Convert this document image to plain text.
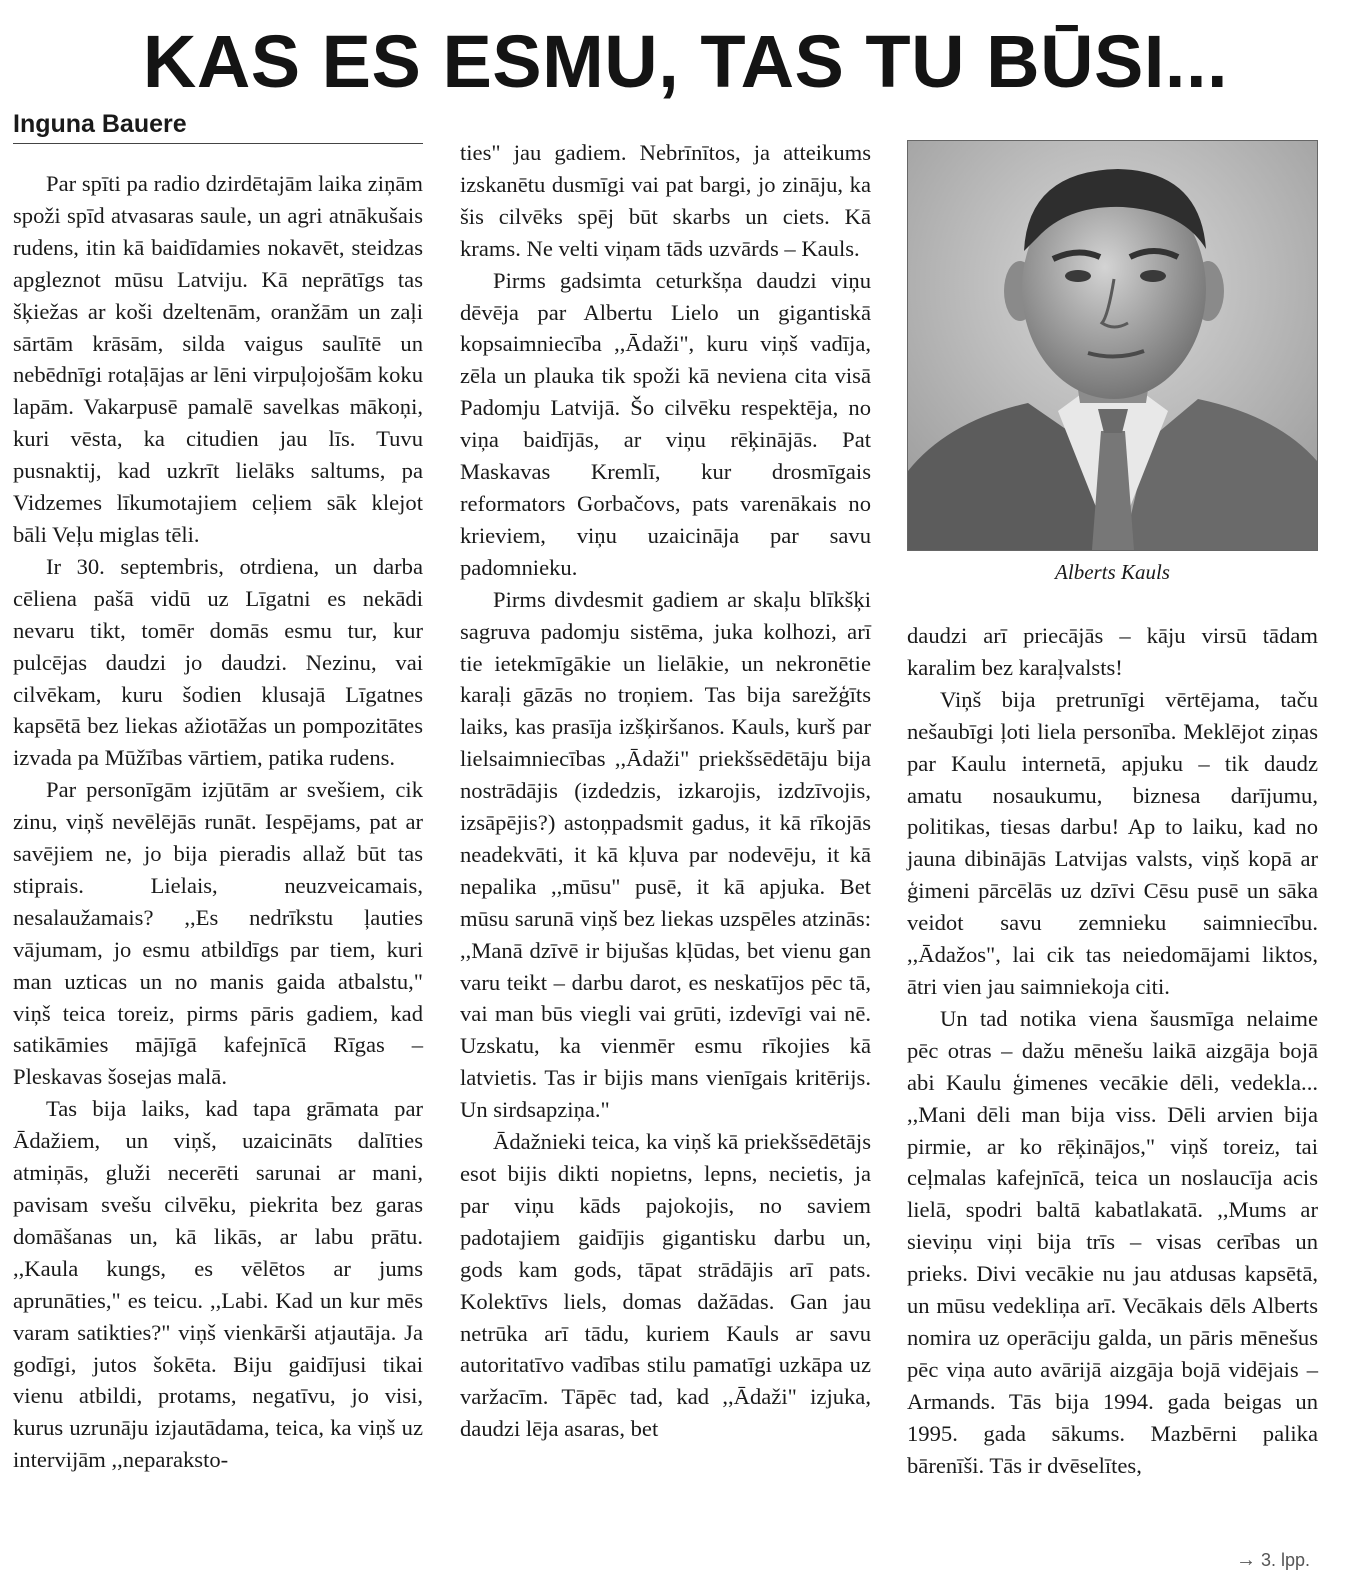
KAS ES ESMU, TAS TU BŪSI...
Inguna Bauere

Par spīti pa radio dzirdētajām laika ziņām spoži spīd atvasaras saule, un agri atnākušais rudens, itin kā baidīdamies nokavēt, steidzas apgleznot mūsu Latviju. Kā neprātīgs tas šķiežas ar koši dzeltenām, oranžām un zaļi sārtām krāsām, silda vaigus saulītē un nebēdnīgi rotaļājas ar lēni virpuļojošām koku lapām. Vakarpusē pamalē savelkas mākoņi, kuri vēsta, ka citudien jau līs. Tuvu pusnaktij, kad uzkrīt lielāks saltums, pa Vidzemes līkumotajiem ceļiem sāk klejot bāli Veļu miglas tēli.

Ir 30. septembris, otrdiena, un darba cēliena pašā vidū uz Līgatni es nekādi nevaru tikt, tomēr domās esmu tur, kur pulcējas daudzi jo daudzi. Nezinu, vai cilvēkam, kuru šodien klusajā Līgatnes kapsētā bez liekas ažiotāžas un pompozitātes izvada pa Mūžības vārtiem, patika rudens.

Par personīgām izjūtām ar svešiem, cik zinu, viņš nevēlējās runāt. Iespējams, pat ar savējiem ne, jo bija pieradis allaž būt tas stiprais. Lielais, neuzveicamais, nesalaužamais? ,,Es nedrīkstu ļauties vājumam, jo esmu atbildīgs par tiem, kuri man uzticas un no manis gaida atbalstu," viņš teica toreiz, pirms pāris gadiem, kad satikāmies mājīgā kafejnīcā Rīgas – Pleskavas šosejas malā.

Tas bija laiks, kad tapa grāmata par Ādažiem, un viņš, uzaicināts dalīties atmiņās, gluži necerēti sarunai ar mani, pavisam svešu cilvēku, piekrita bez garas domāšanas un, kā likās, ar labu prātu. ,,Kaula kungs, es vēlētos ar jums aprunāties," es teicu. ,,Labi. Kad un kur mēs varam satikties?" viņš vienkārši atjautāja. Ja godīgi, jutos šokēta. Biju gaidījusi tikai vienu atbildi, protams, negatīvu, jo visi, kurus uzrunāju izjautādama, teica, ka viņš uz intervijām ,,neparaksto-

ties" jau gadiem. Nebrīnītos, ja atteikums izskanētu dusmīgi vai pat bargi, jo zināju, ka šis cilvēks spēj būt skarbs un ciets. Kā krams. Ne velti viņam tāds uzvārds – Kauls.

Pirms gadsimta ceturkšņa daudzi viņu dēvēja par Albertu Lielo un gigantiskā kopsaimniecība ,,Ādaži", kuru viņš vadīja, zēla un plauka tik spoži kā neviena cita visā Padomju Latvijā. Šo cilvēku respektēja, no viņa baidījās, ar viņu rēķinājās. Pat Maskavas Kremlī, kur drosmīgais reformators Gorbačovs, pats varenākais no krieviem, viņu uzaicināja par savu padomnieku.

Pirms divdesmit gadiem ar skaļu blīkšķi sagruva padomju sistēma, juka kolhozi, arī tie ietekmīgākie un lielākie, un nekronētie karaļi gāzās no troņiem. Tas bija sarežģīts laiks, kas prasīja izšķiršanos. Kauls, kurš par lielsaimniecības ,,Ādaži" priekšsēdētāju bija nostrādājis (izdedzis, izkarojis, izdzīvojis, izsāpējis?) astoņpadsmit gadus, it kā rīkojās neadekvāti, it kā kļuva par nodevēju, it kā nepalika ,,mūsu" pusē, it kā apjuka. Bet mūsu sarunā viņš bez liekas uzspēles atzinās: ,,Manā dzīvē ir bijušas kļūdas, bet vienu gan varu teikt – darbu darot, es neskatījos pēc tā, vai man būs viegli vai grūti, izdevīgi vai nē. Uzskatu, ka vienmēr esmu rīkojies kā latvietis. Tas ir bijis mans vienīgais kritērijs. Un sirdsapziņa."

Ādažnieki teica, ka viņš kā priekšsēdētājs esot bijis dikti nopietns, lepns, necietis, ja par viņu kāds pajokojis, no saviem padotajiem gaidījis gigantisku darbu un, gods kam gods, tāpat strādājis arī pats. Kolektīvs liels, domas dažādas. Gan jau netrūka arī tādu, kuriem Kauls ar savu autoritatīvo vadības stilu pamatīgi uzkāpa uz varžacīm. Tāpēc tad, kad ,,Ādaži" izjuka, daudzi lēja asaras, bet

Alberts Kauls

daudzi arī priecājās – kāju virsū tādam karalim bez karaļvalsts!

Viņš bija pretrunīgi vērtējama, taču nešaubīgi ļoti liela personība. Meklējot ziņas par Kaulu internetā, apjuku – tik daudz amatu nosaukumu, biznesa darījumu, politikas, tiesas darbu! Ap to laiku, kad no jauna dibinājās Latvijas valsts, viņš kopā ar ģimeni pārcēlās uz dzīvi Cēsu pusē un sāka veidot savu zemnieku saimniecību. ,,Ādažos", lai cik tas neiedomājami liktos, ātri vien jau saimniekoja citi.

Un tad notika viena šausmīga nelaime pēc otras – dažu mēnešu laikā aizgāja bojā abi Kaulu ģimenes vecākie dēli, vedekla... ,,Mani dēli man bija viss. Dēli arvien bija pirmie, ar ko rēķinājos," viņš toreiz, tai ceļmalas kafejnīcā, teica un noslaucīja acis lielā, spodri baltā kabatlakatā. ,,Mums ar sieviņu viņi bija trīs – visas cerības un prieks. Divi vecākie nu jau atdusas kapsētā, un mūsu vedekliņa arī. Vecākais dēls Alberts nomira uz operāciju galda, un pāris mēnešus pēc viņa auto avārijā aizgāja bojā vidējais – Armands. Tās bija 1994. gada beigas un 1995. gada sākums. Mazbērni palika bārenīši. Tās ir dvēselītes,

→ 3. lpp.
